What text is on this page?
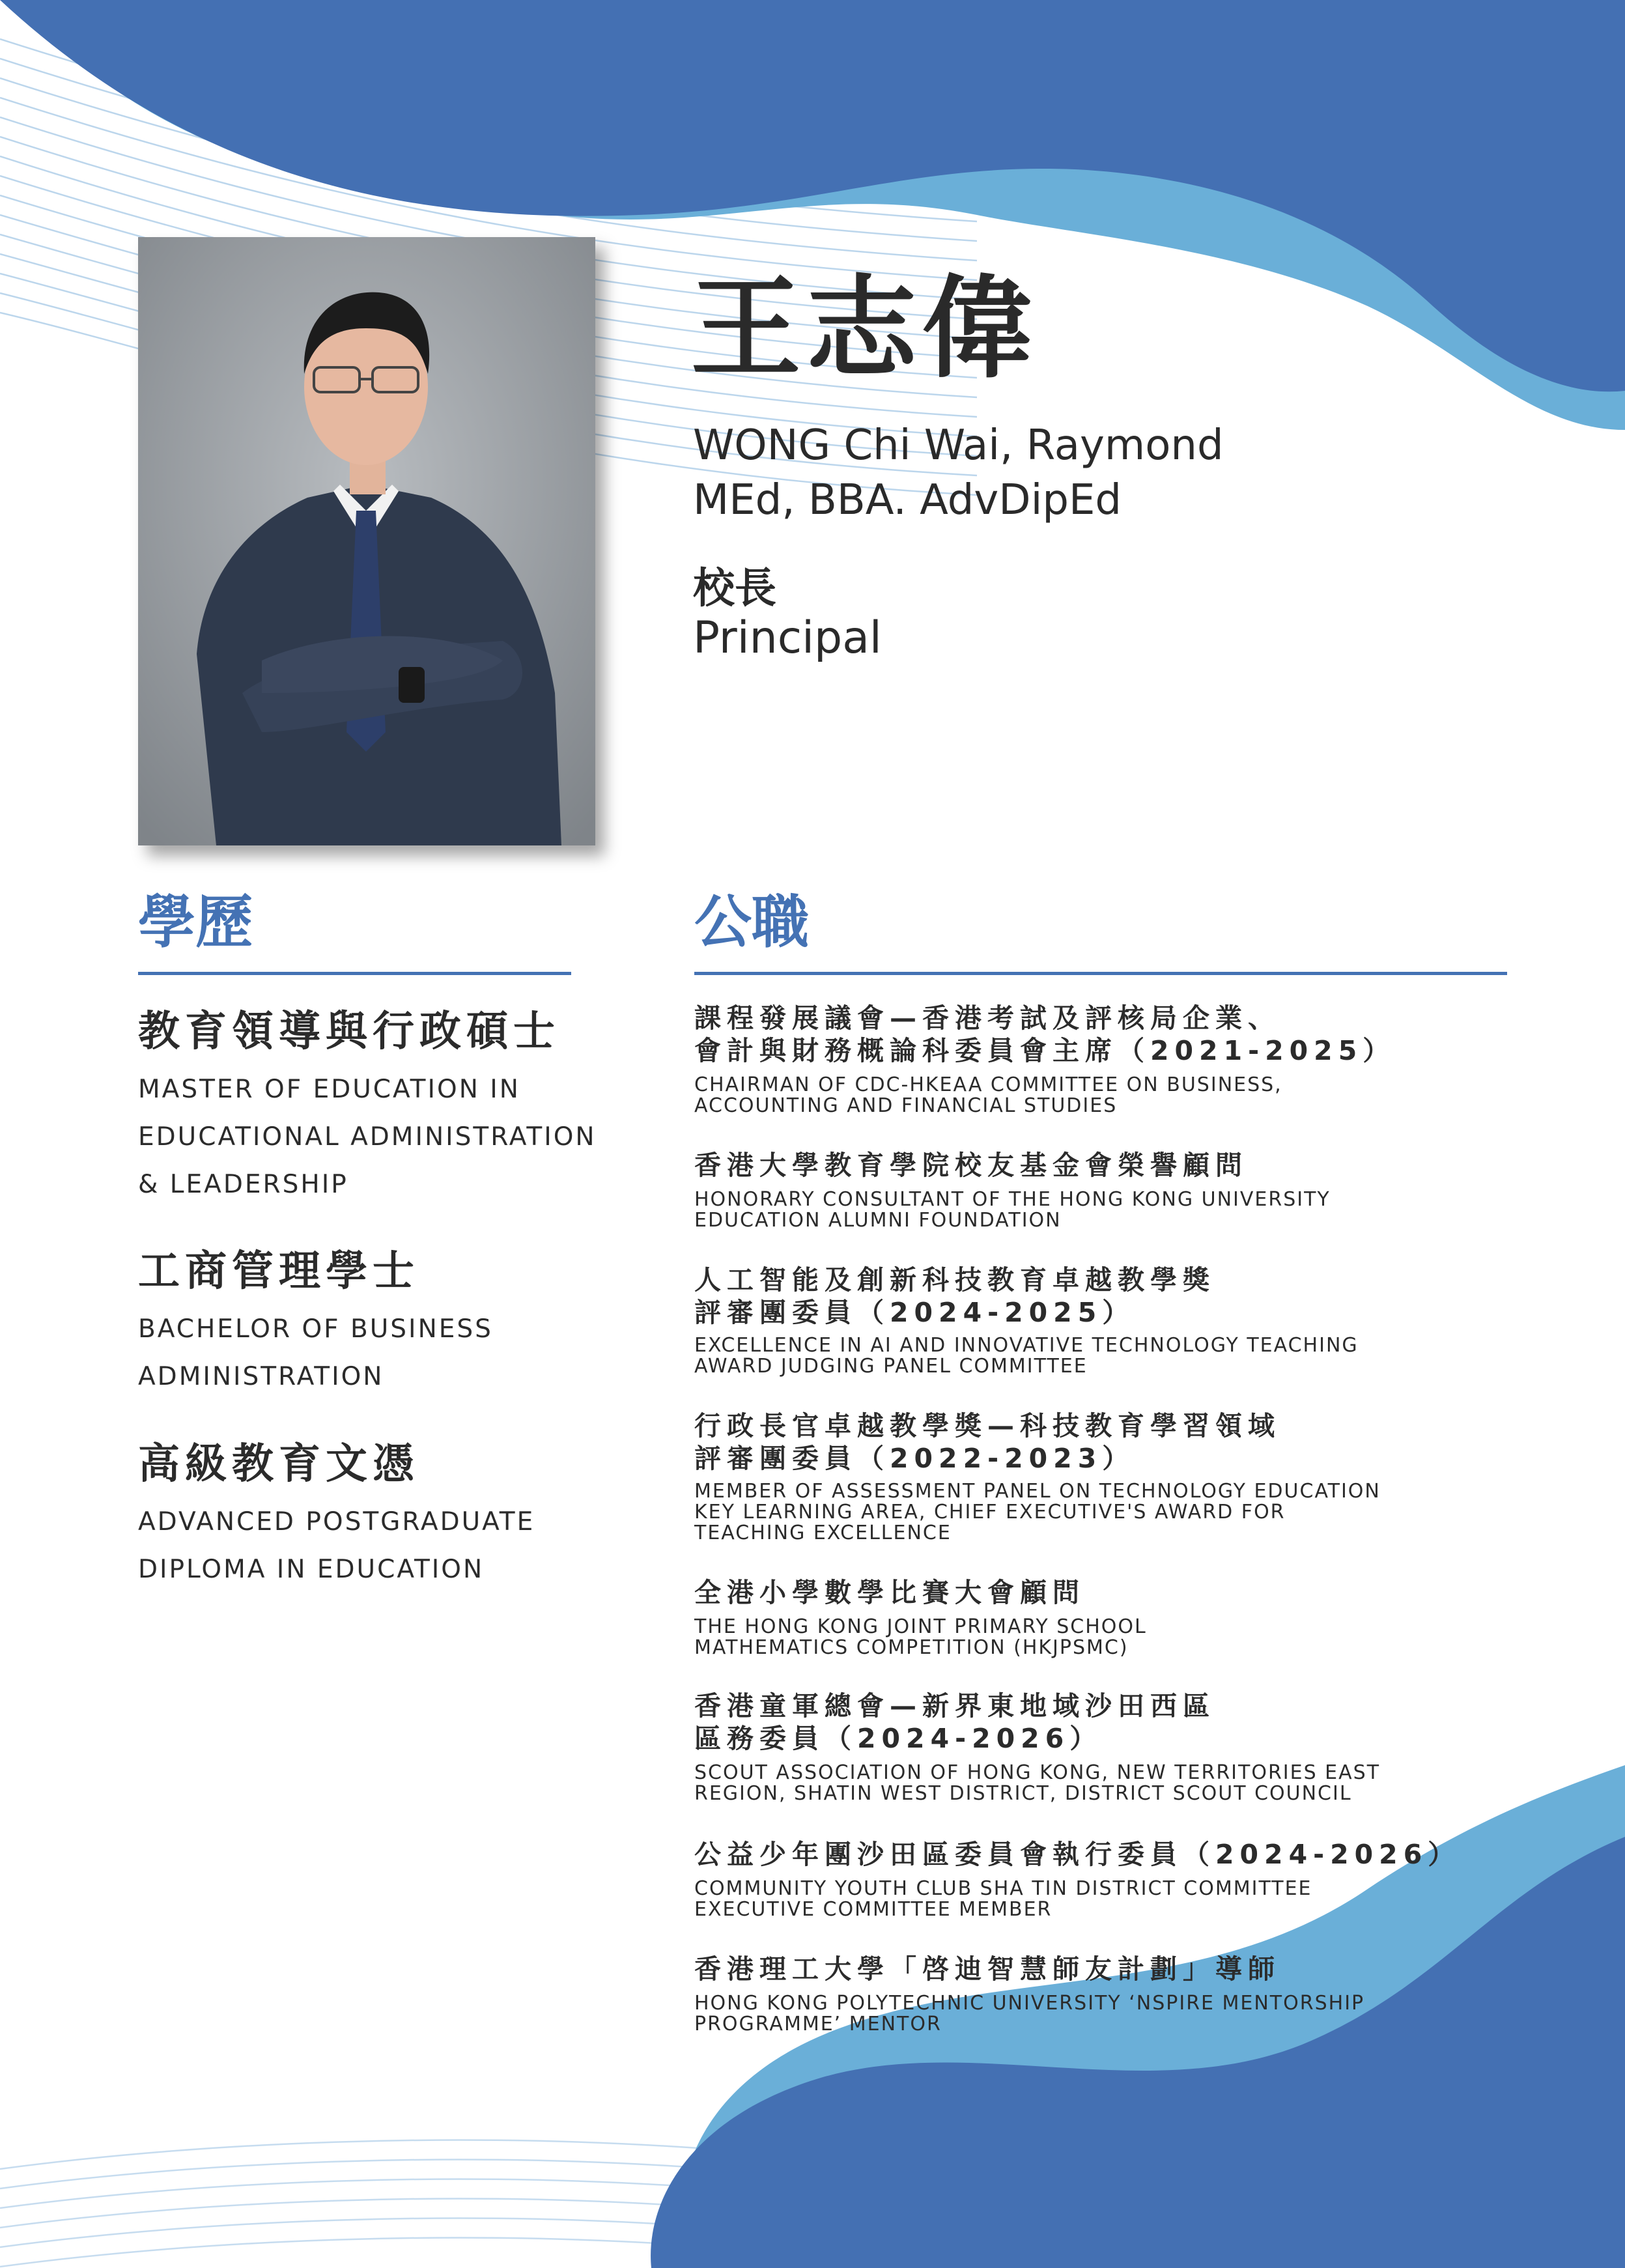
王志偉
WONG Chi Wai, Raymond
MEd, BBA. AdvDipEd
校長
Principal
學歷
教育領導與行政碩士
MASTER OF EDUCATION IN
EDUCATIONAL ADMINISTRATION
& LEADERSHIP
工商管理學士
BACHELOR OF BUSINESS
ADMINISTRATION
高級教育文憑
ADVANCED POSTGRADUATE
DIPLOMA IN EDUCATION
公職
課程發展議會—香港考試及評核局企業、
會計與財務概論科委員會主席（2021-2025）
CHAIRMAN OF CDC-HKEAA COMMITTEE ON BUSINESS,
ACCOUNTING AND FINANCIAL STUDIES
香港大學教育學院校友基金會榮譽顧問
HONORARY CONSULTANT OF THE HONG KONG UNIVERSITY
EDUCATION ALUMNI FOUNDATION
人工智能及創新科技教育卓越教學獎
評審團委員（2024-2025）
EXCELLENCE IN AI AND INNOVATIVE TECHNOLOGY TEACHING
AWARD JUDGING PANEL COMMITTEE
行政長官卓越教學獎—科技教育學習領域
評審團委員（2022-2023）
MEMBER OF ASSESSMENT PANEL ON TECHNOLOGY EDUCATION
KEY LEARNING AREA, CHIEF EXECUTIVE'S AWARD FOR
TEACHING EXCELLENCE
全港小學數學比賽大會顧問
THE HONG KONG JOINT PRIMARY SCHOOL
MATHEMATICS COMPETITION (HKJPSMC)
香港童軍總會—新界東地域沙田西區
區務委員（2024-2026）
SCOUT ASSOCIATION OF HONG KONG, NEW TERRITORIES EAST
REGION, SHATIN WEST DISTRICT, DISTRICT SCOUT COUNCIL
公益少年團沙田區委員會執行委員（2024-2026）
COMMUNITY YOUTH CLUB SHA TIN DISTRICT COMMITTEE
EXECUTIVE COMMITTEE MEMBER
香港理工大學「啓迪智慧師友計劃」導師
HONG KONG POLYTECHNIC UNIVERSITY ‘NSPIRE MENTORSHIP
PROGRAMME’ MENTOR
